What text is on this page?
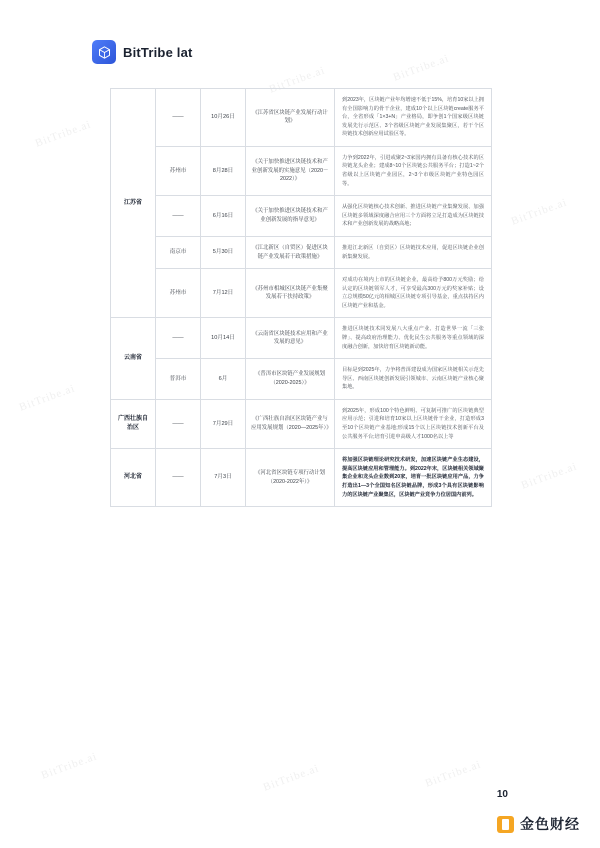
BitTribe.ai
BitTribe.ai	BitTribe.ai
BitTribe.ai
BitTribe.ai
BitTribe.ai
BitTribe.ai	BitTribe.ai	BitTribe.ai
BitTribe lat
江苏省	——	10月26日	《江苏省区块链产业发展行动计划》	到2023年，区块链产业年均增速不低于15%，培育10家以上拥有全国影响力的骨干企业，建成10个以上区块链create服务平台，全省形成「1×3+N」产业格局，即争创1个国家级区块链发展先行示范区、3个省级区块链产业发展集聚区，若干个区块链技术创新应用试验区等。
	苏州市	8月28日	《关于加快推进区块链技术和产业创新发展的实施意见（2020－2022）》	力争到2022年，引进或聚2~3家国内拥有具备有核心技术的区块链龙头企业；建成8~10个区块链公共服务平台；打造1~2个省级以上区块链产业园区，2~3个市级区块链产业特色园区等。
	——	6月16日	《关于加快推进区块链技术和产业创新发展的指导意见》	从强化区块链核心技术创新、推进区块链产业集聚发展、加强区块链多领域深度融合应用三个方面将立足打造成为区块链技术和产业创新发展的战略高地；
	南京市	5月30日	《江北新区（自贸区）促进区块链产业发展若干政策措施》	推进江北新区（自贸区）区块链技术应用，促进区块链企业创新集聚发展。
	苏州市	7月12日	《苏州市相城区区块链产业集聚发展若干扶持政策》	对成功在境内上市的区块链企业，最高给予800万元奖励；给认定的区块链领军人才，可享受最高300万元的奖家补贴；设立总规模50亿元的相城区区块链专项引导基金，重点扶持区内区块链产业和基金。
云南省	——	10月14日	《云南省区块链技术应用和产业发展的意见》	推进区块链技术同发展八大重点产业、打造世界一流「三张牌」、提高政府治理能力、优化民生公共服务等重点领域的深度融合创新，加快培育区块链新动能。
	普洱市	6月	《普洱市区块链产业发展规划（2020-2025）》	目标是到2025年，力争将普洱建设成为国家区块链相关示范先导区、西南区块链创新发展引领城市、云南区块链产业核心聚集地。
广西壮族自治区	——	7月29日	《广西壮族自治区区块链产业与应用发展规划（2020—2025年）》	到2025年，形成100个特色鲜明、可复制可推广的区块链典型应用示范；引进和培育10家以上区块链骨干企业，打造形成3至10个区块链产业基地;形成15个以上区块链技术创新平台及公共服务平台;培育引进申高级人才1000名以上等
河北省	——	7月3日	《河北省区块链专项行动计划（2020-2022年）》	将加强区块链理论研究技术研发，加速区块链产业生态建设，提高区块链应用和管理能力。到2022年末，区块链相关领域聚集企业和龙头企业数到20家，培育一批区块链应用产品，力争打造出1—3个全国知名区块链品牌，形成3个具有区块链影响力的区块链产业聚集区，区块链产业竞争力位居国内前列。
10
金色财经
